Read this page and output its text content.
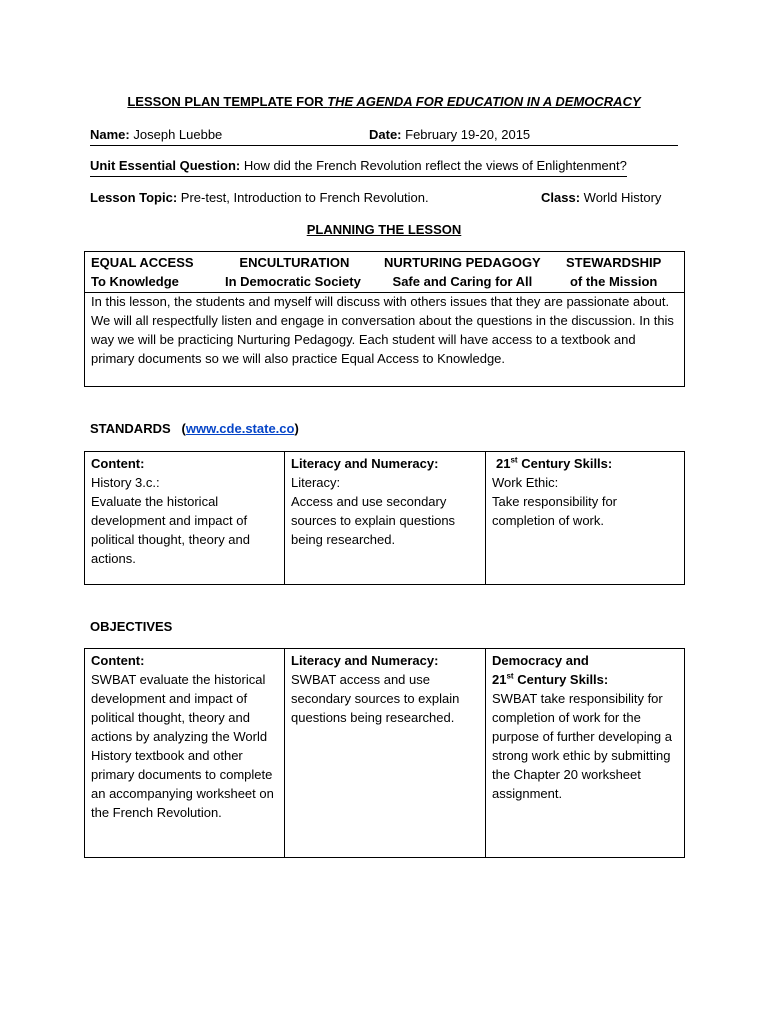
LESSON PLAN TEMPLATE FOR THE AGENDA FOR EDUCATION IN A DEMOCRACY
Name: Joseph Luebbe	Date: February 19-20, 2015
Unit Essential Question: How did the French Revolution reflect the views of Enlightenment?
Lesson Topic: Pre-test, Introduction to French Revolution.	Class: World History
PLANNING THE LESSON
EQUAL ACCESS
To Knowledge
ENCULTURATION
In Democratic Society
NURTURING PEDAGOGY
Safe and Caring for All
STEWARDSHIP
of the Mission
In this lesson, the students and myself will discuss with others issues that they are passionate about. We will all respectfully listen and engage in conversation about the questions in the discussion. In this way we will be practicing Nurturing Pedagogy. Each student will have access to a textbook and primary documents so we will also practice Equal Access to Knowledge.
STANDARDS (www.cde.state.co)
Content:
History 3.c.:
Evaluate the historical development and impact of political thought, theory and actions.
Literacy and Numeracy:
Literacy:
Access and use secondary sources to explain questions being researched.
21st Century Skills:
Work Ethic:
Take responsibility for completion of work.
OBJECTIVES
Content:
SWBAT evaluate the historical development and impact of political thought, theory and actions by analyzing the World History textbook and other primary documents to complete an accompanying worksheet on the French Revolution.
Literacy and Numeracy:
SWBAT access and use secondary sources to explain questions being researched.
Democracy and
21st Century Skills:
SWBAT take responsibility for completion of work for the purpose of further developing a strong work ethic by submitting the Chapter 20 worksheet assignment.
